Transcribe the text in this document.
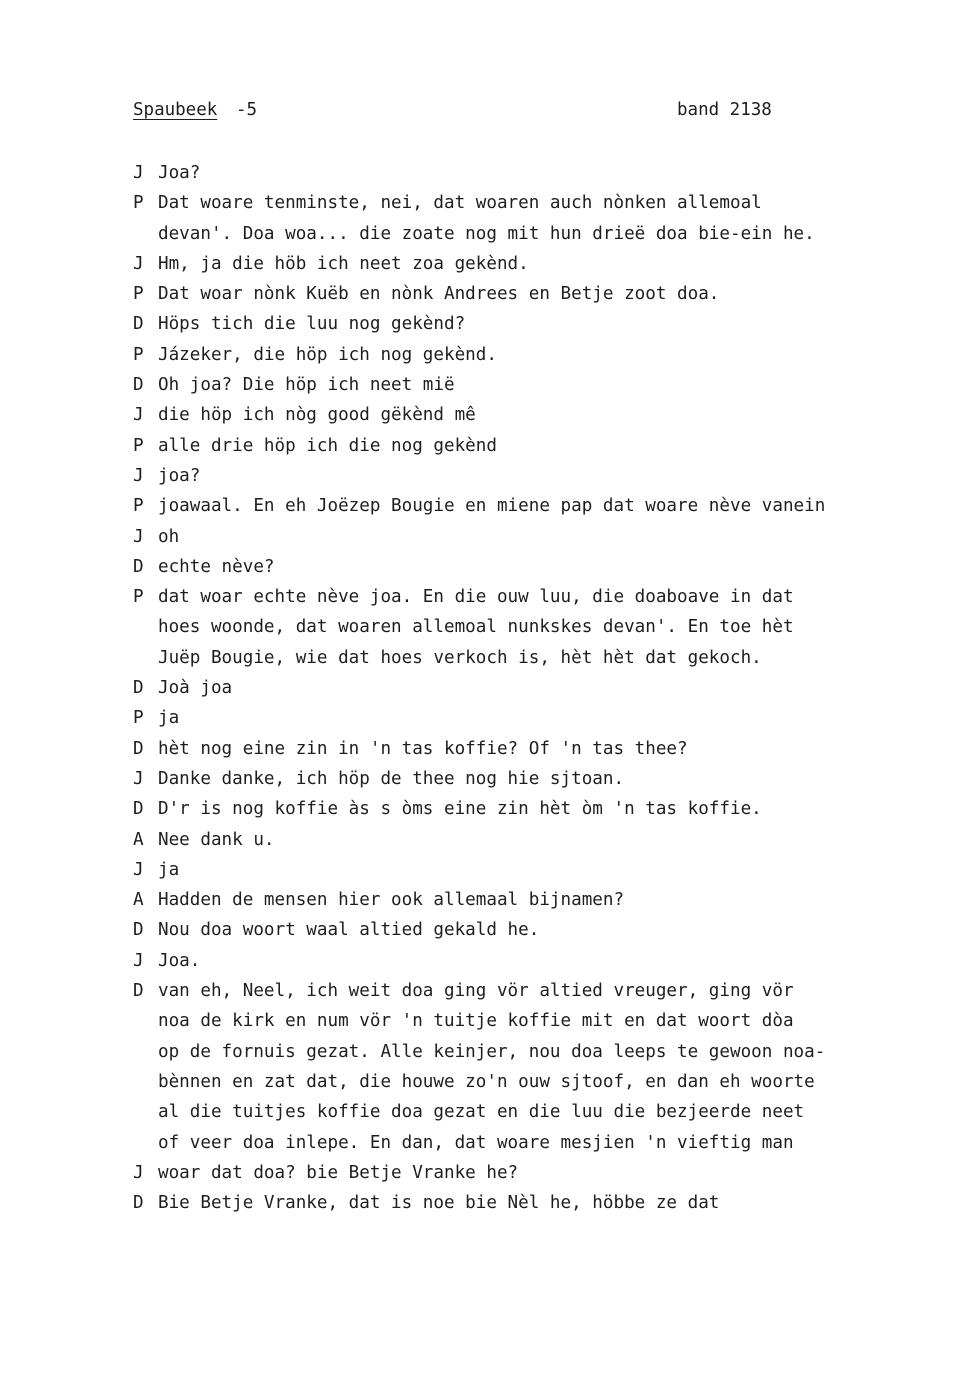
Spaubeek -5	band 2138
J Joa?
P Dat woare tenminste, nei, dat woaren auch nònken allemoal
devan'. Doa woa... die zoate nog mit hun drieë doa bie-ein he.
J Hm, ja die höb ich neet zoa gekènd.
P Dat woar nònk Kuëb en nònk Andrees en Betje zoot doa.
D Höps tich die luu nog gekènd?
P Jázeker, die höp ich nog gekènd.
D Oh joa? Die höp ich neet mië
J die höp ich nòg good gëkènd mê
P alle drie höp ich die nog gekènd
J joa?
P joawaal. En eh Joëzep Bougie en miene pap dat woare nève vanein
J oh
D echte nève?
P dat woar echte nève joa. En die ouw luu, die doaboave in dat
hoes woonde, dat woaren allemoal nunkskes devan'. En toe hèt
Juëp Bougie, wie dat hoes verkoch is, hèt hèt dat gekoch.
D Joà joa
P ja
D hèt nog eine zin in 'n tas koffie? Of 'n tas thee?
J Danke danke, ich höp de thee nog hie sjtoan.
D D'r is nog koffie às s òms eine zin hèt òm 'n tas koffie.
A Nee dank u.
J ja
A Hadden de mensen hier ook allemaal bijnamen?
D Nou doa woort waal altied gekald he.
J Joa.
D van eh, Neel, ich weit doa ging vör altied vreuger, ging vör
noa de kirk en num vör 'n tuitje koffie mit en dat woort dòa
op de fornuis gezat. Alle keinjer, nou doa leeps te gewoon noa-
bènnen en zat dat, die houwe zo'n ouw sjtoof, en dan eh woorte
al die tuitjes koffie doa gezat en die luu die bezjeerde neet
of veer doa inlepe. En dan, dat woare mesjien 'n vieftig man
J woar dat doa? bie Betje Vranke he?
D Bie Betje Vranke, dat is noe bie Nèl he, höbbe ze dat
